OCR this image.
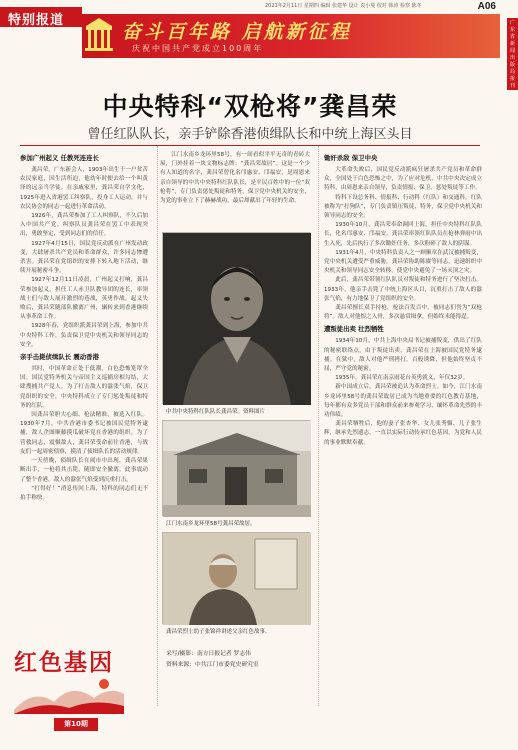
2021年2月11日 星期四 编辑 张建华 设计 袁小曼 校对 韩涛 检察 陈冬	A06
特别报道	广东省新闻出版局报刊
奋斗百年路 启航新征程
庆祝中国共产党成立100周年
中央特科“双枪将”龚昌荣
曾任红队队长，亲手铲除香港侦缉队长和中统上海区头目
参加广州起义 任教死连连长

龚昌荣，广东新会人，1903年出生于一户贫苦农民家庭，因生活所迫，他幼年时便去给一个叫黄泽的远亲当学徒。在亲戚家里，龚昌荣自学文化，1925年进入省港罢工纠察队，投身工人运动，并与农民协会的同志一起进行革命活动。

1926年，龚昌荣参加了工人纠察队，不久后加入中国共产党。纠察队员龚昌荣在罢工中表现突出，勇敢坚定，受到同志们的信任。

1927年4月15日，国民党反动派在广州发动政变，大肆屠杀共产党员和革命群众，许多同志惨遭杀害。龚昌荣在党组织的安排下转入地下活动，继续开展秘密斗争。

1927年12月11日凌晨，广州起义打响，龚昌荣参加起义，担任工人赤卫队教导团的连长，率领战士们与敌人展开激烈的巷战，英勇作战。起义失败后，龚昌荣随部队撤离广州，辗转来到香港继续从事革命工作。

1928年春，党组织派龚昌荣到上海，参加中共中央特科工作，负责保卫党中央机关和领导同志的安全。

亲手击毙侦缉队长 震动香港

其时，中国革命正处于低潮，白色恐怖笼罩全国。国民党特务机关与帝国主义巡捕房相勾结，大肆搜捕共产党人。为了打击敌人的嚣张气焰，保卫党组织的安全，中央特科成立了专门惩处叛徒和特务的红队。

因龚昌荣胆大心细、枪法精准，被选入红队。1930年7月，中共香港市委书记被国民党特务逮捕，敌人企图顺藤摸瓜破坏党在香港的组织。为了营救同志、震慑敌人，龚昌荣受命前往香港，与战友们一起周密侦察，摸清了侦缉队长的活动规律。

一天傍晚，侦缉队长在闹市中出现，龚昌荣果断出手，一枪将其击毙，随即安全撤离。此事震动了整个香港，敌人的嚣张气焰受到沉重打击。

“打得好！”消息传回上海，特科的同志们无不拍手称快。

江门水南乡龙环里58号，有一间看似平平无奇的青砖大屋，门外挂着一块文物标志牌：“龚昌荣故居”。这是一个少有人知道的名字，龚昌荣曾化名邝惠安、邝福安，是周恩来亲自领导的中共中央特科红队队长，是平民百姓中的一位“双枪将”，专门负责惩处叛徒和特务，保卫党中央机关的安全，为党的事业立下了赫赫战功，最后却献出了年轻的生命。

锄奸杀敌 保卫中央

大革命失败后，国民党反动派疯狂屠杀共产党员和革命群众，全国处于白色恐怖之中，为了应对危机，中共中央决定成立特科，由周恩来亲自领导，负责情报、保卫、惩处叛徒等工作。

特科下设总务科、情报科、行动科（红队）和交通科。红队被称为“打狗队”，专门负责镇压叛徒、特务，保卫党中央机关和领导同志的安全。

1930年10月，龚昌荣奉命调回上海，担任中央特科红队队长，化名邝惠安、邝福安。龚昌荣率领红队队员在枪林弹雨中出生入死，先后执行了多次锄奸任务，多次粉碎了敌人的阴谋。

1931年4月，中央特科负责人之一顾顺章在武汉被捕叛变，党中央机关遭受严重威胁。龚昌荣协助陈赓等同志，迅速组织中央机关和领导同志安全转移，使党中央避免了一场灭顶之灾。

此后，龚昌荣带领红队队员对叛徒和特务进行了坚决打击。1933年，他亲手击毙了中统上海区头目，沉重打击了敌人的嚣张气焰，有力地保卫了党组织的安全。

龚昌荣擅长双手持枪，枪法百发百中，被同志们誉为“双枪将”。敌人对他恨之入骨，多次悬赏缉拿，但始终未能得逞。

遭叛徒出卖 壮烈牺牲

1934年10月，中共上海中央局书记被捕叛变，供出了红队的秘密联络点。由于叛徒出卖，龚昌荣在上海被国民党特务逮捕。在狱中，敌人对他严刑拷打，百般诱降，但他始终坚贞不屈，严守党的秘密。

1935年，龚昌荣在南京雨花台英勇就义，年仅32岁。

新中国成立后，龚昌荣被追认为革命烈士。如今，江门水南乡龙环里58号的龚昌荣故居已成为当地重要的红色教育基地，每年都有众多党员干部和群众前来参观学习，缅怀革命先烈的丰功伟绩。

龚昌荣牺牲后，他的妻子张杏华、女儿张秀媚、儿子张生辉，继承先烈遗志，一直以实际行动传承红色基因，为党和人民的事业默默奉献。

中共中央特科红队队长龚昌荣。资料图片
江门水南乡龙环里58号龚昌荣故居。
龚昌荣烈士幼子张锦祥讲述父亲红色故事。
采写/摄影：南方日报记者 罗志伟
资料来源：中共江门市委党史研究室
红色基因
第10期
